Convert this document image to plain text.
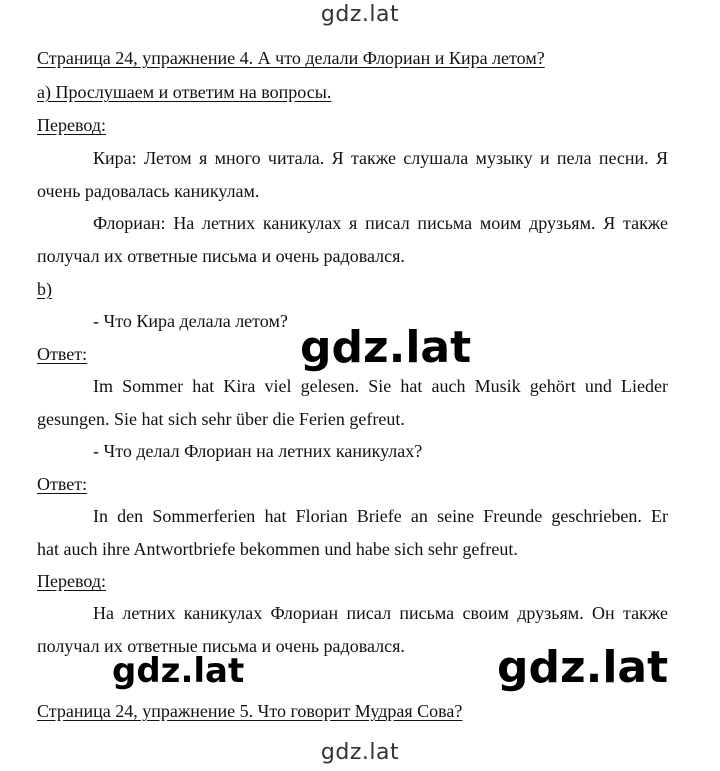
gdz.lat
Страница 24, упражнение 4. А что делали Флориан и Кира летом?
a) Прослушаем и ответим на вопросы.
Перевод:
Кира: Летом я много читала. Я также слушала музыку и пела песни. Я
очень радовалась каникулам.
Флориан: На летних каникулах я писал письма моим друзьям. Я также
получал их ответные письма и очень радовался.
b)
- Что Кира делала летом?
Ответ:
Im Sommer hat Kira viel gelesen. Sie hat auch Musik gehört und Lieder
gesungen. Sie hat sich sehr über die Ferien gefreut.
- Что делал Флориан на летних каникулах?
Ответ:
In den Sommerferien hat Florian Briefe an seine Freunde geschrieben. Er
hat auch ihre Antwortbriefe bekommen und habe sich sehr gefreut.
Перевод:
На летних каникулах Флориан писал письма своим друзьям. Он также
получал их ответные письма и очень радовался.
Страница 24, упражнение 5. Что говорит Мудрая Сова?
gdz.lat
gdz.lat	gdz.lat
gdz.lat
